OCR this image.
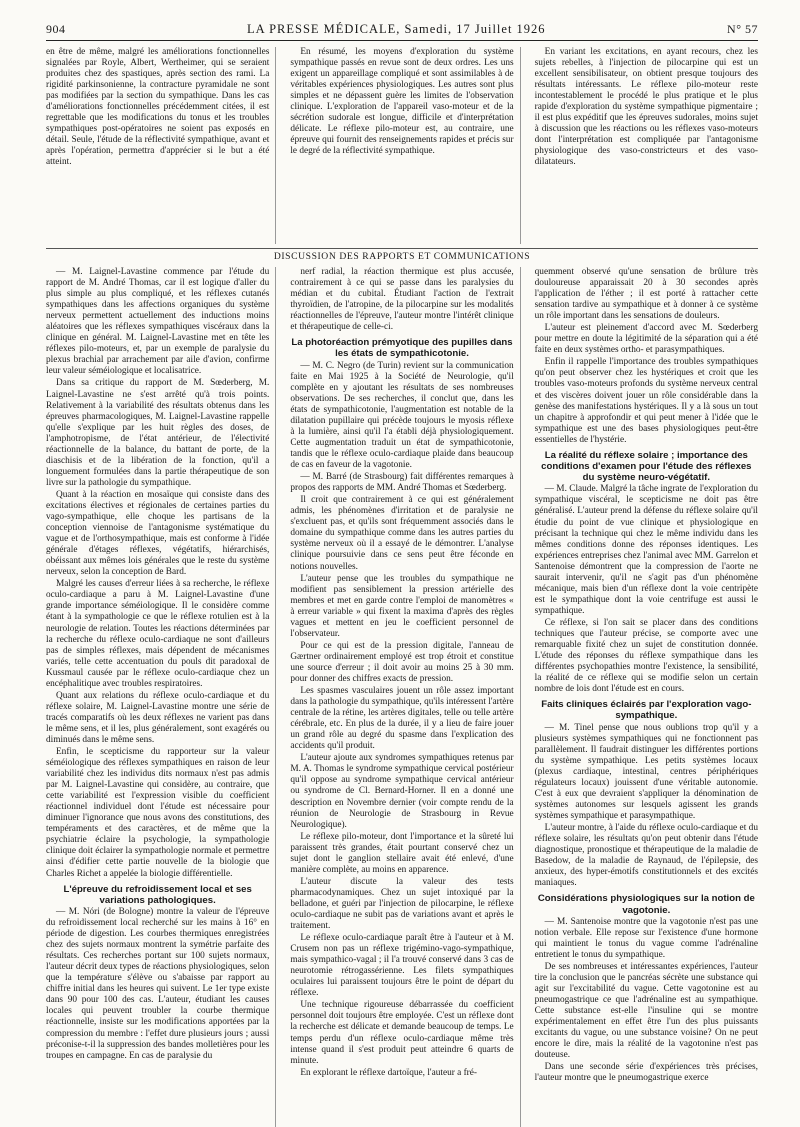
904	LA PRESSE MÉDICALE, Samedi, 17 Juillet 1926	N° 57

en être de même, malgré les améliorations fonctionnelles signalées par Royle, Albert, Wertheimer, qui se seraient produites chez des spastiques, après section des rami. La rigidité parkinsonienne, la contracture pyramidale ne sont pas modifiées par la section du sympathique. Dans les cas d'améliorations fonctionnelles précédemment citées, il est regrettable que les modifications du tonus et les troubles sympathiques post-opératoires ne soient pas exposés en détail. Seule, l'étude de la réflectivité sympathique, avant et après l'opération, permettra d'apprécier si le but a été atteint.

En résumé, les moyens d'exploration du système sympathique passés en revue sont de deux ordres. Les uns exigent un appareillage compliqué et sont assimilables à de véritables expériences physiologiques. Les autres sont plus simples et ne dépassent guère les limites de l'observation clinique. L'exploration de l'appareil vaso-moteur et de la sécrétion sudorale est longue, difficile et d'interprétation délicate. Le réflexe pilo-moteur est, au contraire, une épreuve qui fournit des renseignements rapides et précis sur le degré de la réflectivité sympathique.

En variant les excitations, en ayant recours, chez les sujets rebelles, à l'injection de pilocarpine qui est un excellent sensibilisateur, on obtient presque toujours des résultats intéressants. Le réflexe pilo-moteur reste incontestablement le procédé le plus pratique et le plus rapide d'exploration du système sympathique pigmentaire ; il est plus expéditif que les épreuves sudorales, moins sujet à discussion que les réactions ou les réflexes vaso-moteurs dont l'interprétation est compliquée par l'antagonisme physiologique des vaso-constricteurs et des vaso-dilatateurs.

DISCUSSION DES RAPPORTS ET COMMUNICATIONS

— M. Laignel-Lavastine commence par l'étude du rapport de M. André Thomas, car il est logique d'aller du plus simple au plus compliqué, et les réflexes cutanés sympathiques dans les affections organiques du système nerveux permettent actuellement des inductions moins aléatoires que les réflexes sympathiques viscéraux dans la clinique en général. M. Laignel-Lavastine met en tête les réflexes pilo-moteurs, et, par un exemple de paralysie du plexus brachial par arrachement par aile d'avion, confirme leur valeur séméiologique et localisatrice.

Dans sa critique du rapport de M. Sœderberg, M. Laignel-Lavastine ne s'est arrêté qu'à trois points. Relativement à la variabilité des résultats obtenus dans les épreuves pharmacologiques, M. Laignel-Lavastine rappelle qu'elle s'explique par les huit règles des doses, de l'amphotropisme, de l'état antérieur, de l'électivité réactionnelle de la balance, du battant de porte, de la diaschisis et de la libération de la fonction, qu'il a longuement formulées dans la partie thérapeutique de son livre sur la pathologie du sympathique.

Quant à la réaction en mosaïque qui consiste dans des excitations électives et régionales de certaines parties du vago-sympathique, elle choque les partisans de la conception viennoise de l'antagonisme systématique du vague et de l'orthosympathique, mais est conforme à l'idée générale d'étages réflexes, végétatifs, hiérarchisés, obéissant aux mêmes lois générales que le reste du système nerveux, selon la conception de Bard.

Malgré les causes d'erreur liées à sa recherche, le réflexe oculo-cardiaque a paru à M. Laignel-Lavastine d'une grande importance séméiologique. Il le considère comme étant à la sympathologie ce que le réflexe rotulien est à la neurologie de relation. Toutes les réactions déterminées par la recherche du réflexe oculo-cardiaque ne sont d'ailleurs pas de simples réflexes, mais dépendent de mécanismes variés, telle cette accentuation du pouls dit paradoxal de Kussmaul causée par le réflexe oculo-cardiaque chez un encéphalitique avec troubles respiratoires.

Quant aux relations du réflexe oculo-cardiaque et du réflexe solaire, M. Laignel-Lavastine montre une série de tracés comparatifs où les deux réflexes ne varient pas dans le même sens, et il les, plus généralement, sont exagérés ou diminués dans le même sens.

Enfin, le scepticisme du rapporteur sur la valeur séméiologique des réflexes sympathiques en raison de leur variabilité chez les individus dits normaux n'est pas admis par M. Laignel-Lavastine qui considère, au contraire, que cette variabilité est l'expression visible du coefficient réactionnel individuel dont l'étude est nécessaire pour diminuer l'ignorance que nous avons des constitutions, des tempéraments et des caractères, et de même que la psychiatrie éclaire la psychologie, la sympathologie clinique doit éclairer la sympathologie normale et permettre ainsi d'édifier cette partie nouvelle de la biologie que Charles Richet a appelée la biologie différentielle.

L'épreuve du refroidissement local et ses variations pathologiques.

— M. Nóri (de Bologne) montre la valeur de l'épreuve du refroidissement local recherché sur les mains à 16° en période de digestion. Les courbes thermiques enregistrées chez des sujets normaux montrent la symétrie parfaite des résultats. Ces recherches portant sur 100 sujets normaux, l'auteur décrit deux types de réactions physiologiques, selon que la température s'élève ou s'abaisse par rapport au chiffre initial dans les heures qui suivent. Le 1er type existe dans 90 pour 100 des cas. L'auteur, étudiant les causes locales qui peuvent troubler la courbe thermique réactionnelle, insiste sur les modifications apportées par la compression du membre : l'effet dure plusieurs jours ; aussi préconise-t-il la suppression des bandes molletières pour les troupes en campagne. En cas de paralysie du

nerf radial, la réaction thermique est plus accusée, contrairement à ce qui se passe dans les paralysies du médian et du cubital. Étudiant l'action de l'extrait thyroïdien, de l'atropine, de la pilocarpine sur les modalités réactionnelles de l'épreuve, l'auteur montre l'intérêt clinique et thérapeutique de celle-ci.

La photoréaction prémyotique des pupilles dans les états de sympathicotonie.

— M. C. Negro (de Turin) revient sur la communication faite en Mai 1925 à la Société de Neurologie, qu'il complète en y ajoutant les résultats de ses nombreuses observations. De ses recherches, il conclut que, dans les états de sympathicotonie, l'augmentation est notable de la dilatation pupillaire qui précède toujours le myosis réflexe à la lumière, ainsi qu'il l'a établi déjà physiologiquement. Cette augmentation traduit un état de sympathicotonie, tandis que le réflexe oculo-cardiaque plaide dans beaucoup de cas en faveur de la vagotonie.

— M. Barré (de Strasbourg) fait différentes remarques à propos des rapports de MM. André Thomas et Sœderberg.

Il croit que contrairement à ce qui est généralement admis, les phénomènes d'irritation et de paralysie ne s'excluent pas, et qu'ils sont fréquemment associés dans le domaine du sympathique comme dans les autres parties du système nerveux où il a essayé de le démontrer. L'analyse clinique poursuivie dans ce sens peut être féconde en notions nouvelles.

L'auteur pense que les troubles du sympathique ne modifient pas sensiblement la pression artérielle des membres et met en garde contre l'emploi de manomètres « à erreur variable » qui fixent la maxima d'après des règles vagues et mettent en jeu le coefficient personnel de l'observateur.

Pour ce qui est de la pression digitale, l'anneau de Gærtner ordinairement employé est trop étroit et constitue une source d'erreur ; il doit avoir au moins 25 à 30 mm. pour donner des chiffres exacts de pression.

Les spasmes vasculaires jouent un rôle assez important dans la pathologie du sympathique, qu'ils intéressent l'artère centrale de la rétine, les artères digitales, telle ou telle artère cérébrale, etc. En plus de la durée, il y a lieu de faire jouer un grand rôle au degré du spasme dans l'explication des accidents qu'il produit.

L'auteur ajoute aux syndromes sympathiques retenus par M. A. Thomas le syndrome sympathique cervical postérieur qu'il oppose au syndrome sympathique cervical antérieur ou syndrome de Cl. Bernard-Horner. Il en a donné une description en Novembre dernier (voir compte rendu de la réunion de Neurologie de Strasbourg in Revue Neurologique).

Le réflexe pilo-moteur, dont l'importance et la sûreté lui paraissent très grandes, était pourtant conservé chez un sujet dont le ganglion stellaire avait été enlevé, d'une manière complète, au moins en apparence.

L'auteur discute la valeur des tests pharmacodynamiques. Chez un sujet intoxiqué par la belladone, et guéri par l'injection de pilocarpine, le réflexe oculo-cardiaque ne subit pas de variations avant et après le traitement.

Le réflexe oculo-cardiaque paraît être à l'auteur et à M. Crusem non pas un réflexe trigémino-vago-sympathique, mais sympathico-vagal ; il l'a trouvé conservé dans 3 cas de neurotomie rétrogassérienne. Les filets sympathiques oculaires lui paraissent toujours être le point de départ du réflexe.

Une technique rigoureuse débarrassée du coefficient personnel doit toujours être employée. C'est un réflexe dont la recherche est délicate et demande beaucoup de temps. Le temps perdu d'un réflexe oculo-cardiaque même très intense quand il s'est produit peut atteindre 6 quarts de minute.

En explorant le réflexe dartoïque, l'auteur a fré-

quemment observé qu'une sensation de brûlure très douloureuse apparaissait 20 à 30 secondes après l'application de l'éther ; il est porté à rattacher cette sensation tardive au sympathique et à donner à ce système un rôle important dans les sensations de douleurs.

L'auteur est pleinement d'accord avec M. Sœderberg pour mettre en doute la légitimité de la séparation qui a été faite en deux systèmes ortho- et parasympathiques.

Enfin il rappelle l'importance des troubles sympathiques qu'on peut observer chez les hystériques et croit que les troubles vaso-moteurs profonds du système nerveux central et des viscères doivent jouer un rôle considérable dans la genèse des manifestations hystériques. Il y a là sous un tout un chapitre à approfondir et qui peut mener à l'idée que le sympathique est une des bases physiologiques peut-être essentielles de l'hystérie.

La réalité du réflexe solaire ; importance des conditions d'examen pour l'étude des réflexes du système neuro-végétatif.

— M. Claude. Malgré la tâche ingrate de l'exploration du sympathique viscéral, le scepticisme ne doit pas être généralisé. L'auteur prend la défense du réflexe solaire qu'il étudie du point de vue clinique et physiologique en précisant la technique qui chez le même individu dans les mêmes conditions donne des réponses identiques. Les expériences entreprises chez l'animal avec MM. Garrelon et Santenoise démontrent que la compression de l'aorte ne saurait intervenir, qu'il ne s'agit pas d'un phénomène mécanique, mais bien d'un réflexe dont la voie centripète est le sympathique dont la voie centrifuge est aussi le sympathique.

Ce réflexe, si l'on sait se placer dans des conditions techniques que l'auteur précise, se comporte avec une remarquable fixité chez un sujet de constitution donnée. L'étude des réponses du réflexe sympathique dans les différentes psychopathies montre l'existence, la sensibilité, la réalité de ce réflexe qui se modifie selon un certain nombre de lois dont l'étude est en cours.

Faits cliniques éclairés par l'exploration vago-sympathique.

— M. Tinel pense que nous oublions trop qu'il y a plusieurs systèmes sympathiques qui ne fonctionnent pas parallèlement. Il faudrait distinguer les différentes portions du système sympathique. Les petits systèmes locaux (plexus cardiaque, intestinal, centres périphériques régulateurs locaux) jouissent d'une véritable autonomie. C'est à eux que devraient s'appliquer la dénomination de systèmes autonomes sur lesquels agissent les grands systèmes sympathique et parasympathique.

L'auteur montre, à l'aide du réflexe oculo-cardiaque et du réflexe solaire, les résultats qu'on peut obtenir dans l'étude diagnostique, pronostique et thérapeutique de la maladie de Basedow, de la maladie de Raynaud, de l'épilepsie, des anxieux, des hyper-émotifs constitutionnels et des excités maniaques.

Considérations physiologiques sur la notion de vagotonie.

— M. Santenoise montre que la vagotonie n'est pas une notion verbale. Elle repose sur l'existence d'une hormone qui maintient le tonus du vague comme l'adrénaline entretient le tonus du sympathique.

De ses nombreuses et intéressantes expériences, l'auteur tire la conclusion que le pancréas sécrète une substance qui agit sur l'excitabilité du vague. Cette vagotonine est au pneumogastrique ce que l'adrénaline est au sympathique. Cette substance est-elle l'insuline qui se montre expérimentalement en effet être l'un des plus puissants excitants du vague, ou une substance voisine? On ne peut encore le dire, mais la réalité de la vagotonine n'est pas douteuse.

Dans une seconde série d'expériences très précises, l'auteur montre que le pneumogastrique exerce
